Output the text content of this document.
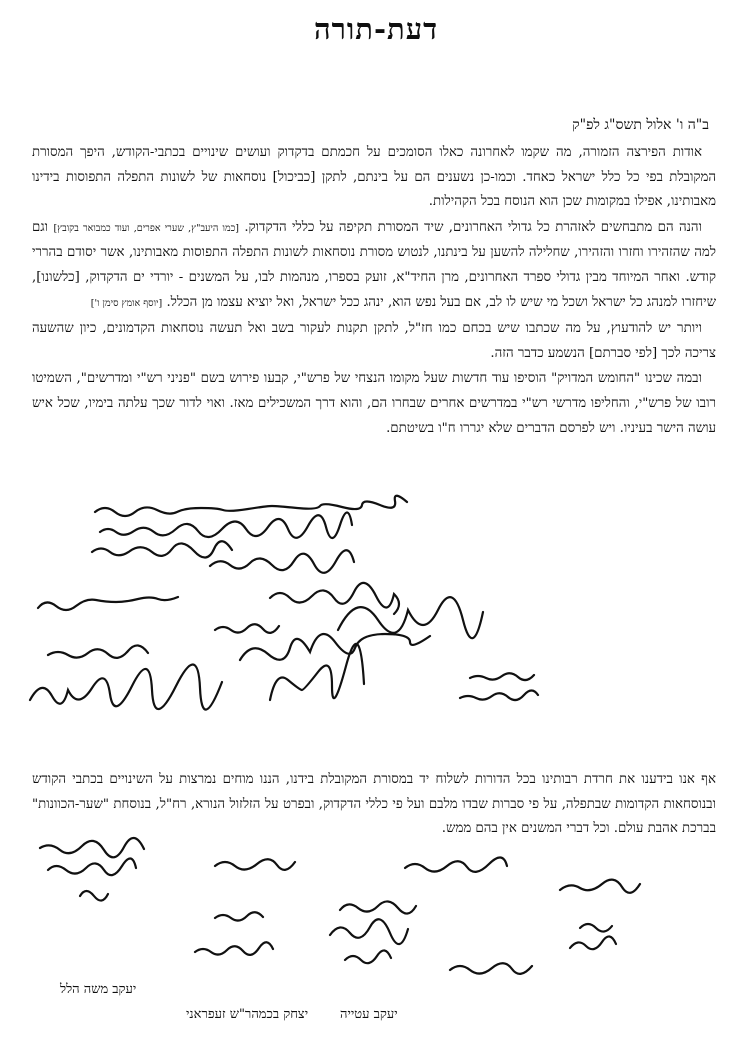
דעת-תורה
ב"ה ו' אלול תשס"ג לפ"ק

אודות הפירצה הזמורה, מה שקמו לאחרונה כאלו הסומכים על חכמתם בדקדוק ועושים שינויים בכתבי-הקודש, היפך המסורת המקובלת בפי כל כלל ישראל כאחד. וכמו-כן נשענים הם על בינתם, לתקן [כביכול] נוסחאות של לשונות התפלה התפוסות בידינו מאבותינו, אפילו במקומות שכן הוא הנוסח בכל הקהילות.

והנה הם מתבחשים לאזהרת כל גדולי האחרונים, שיד המסורת תקיפה על כללי הדקדוק. [כמו היעב"ץ, שערי אפרים, ועוד כמבואר בקובץ] וגם למה שהזהירו וחזרו והזהירו, שחלילה להשען על בינתנו, לנטוש מסורת נוסחאות לשונות התפלה התפוסות מאבותינו, אשר יסודם בהררי קודש. ואחר המיוחד מבין גדולי ספרד האחרונים, מרן החיד"א, זועק בספרו, מנהמות לבו, על המשנים - יורדי ים הדקדוק, [כלשונו], שיחזרו למנהג כל ישראל ושכל מי שיש לו לב, אם בעל נפש הוא, ינהג ככל ישראל, ואל יוציא עצמו מן הכלל. [יוסף אומץ סימן ו']

ויותר יש להודעוץ, על מה שכתבו שיש בכחם כמו חז"ל, לתקן תקנות לעקור בשב ואל תעשה נוסחאות הקדמונים, כיון שהשעה צריכה לכך [לפי סברתם] הנשמע כדבר הזה.

ובמה שכינו "החומש המדויק" הוסיפו עוד חדשות שעל מקומו הנצחי של פרש"י, קבעו פירוש בשם "פניני רש"י ומדרשים", השמיטו רובו של פרש"י, והחליפו מדרשי רש"י במדרשים אחרים שבחרו הם, והוא דרך המשכילים מאז. ואוי לדור שכך עלתה בימיו, שכל איש עושה הישר בעיניו. ויש לפרסם הדברים שלא יגררו ח"ו בשיטתם.

אף אנו בידענו את חרדת רבותינו בכל הדורות לשלוח יד במסורת המקובלת בידנו, הננו מוחים נמרצות על השינויים בכתבי הקודש ובנוסחאות הקדומות שבתפלה, על פי סברות שבדו מלבם ועל פי כללי הדקדוק, ובפרט על הזלזול הנורא, רח"ל, בנוסחת "שער-הכוונות" בברכת אהבת עולם. וכל דברי המשנים אין בהם ממש.
יעקב משה הלל
יצחק בכמהר"ש זעפראני יעקב עטייה
